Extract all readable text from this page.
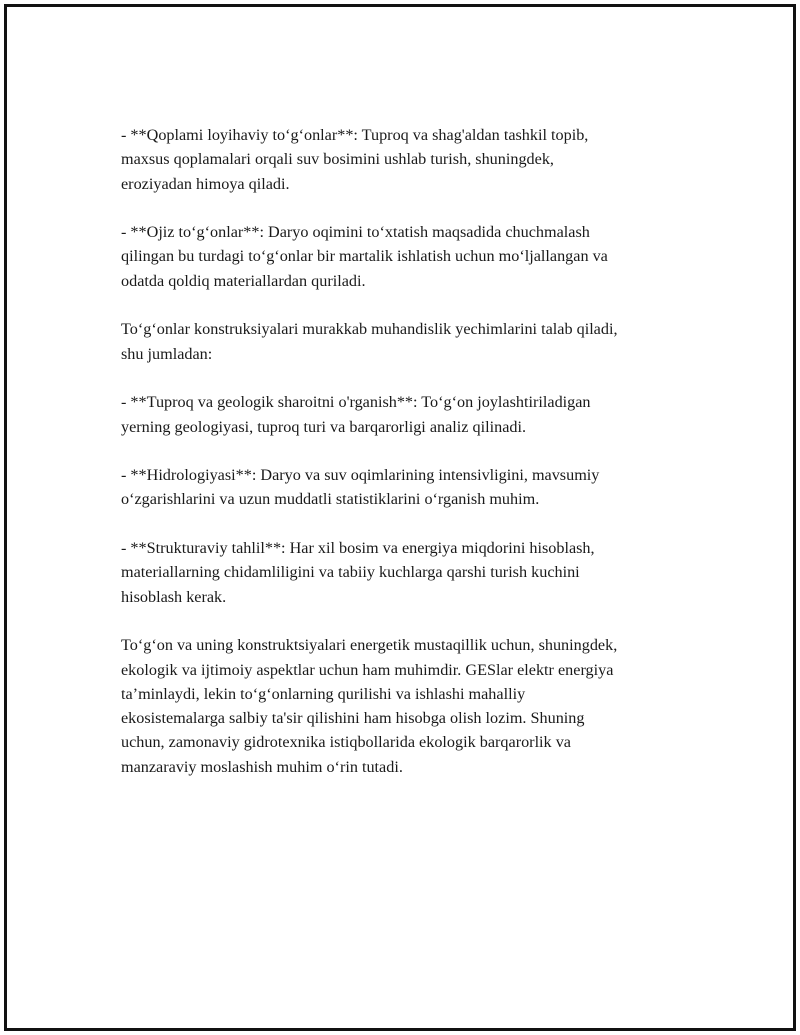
- **Qoplami loyihaviy to‘g‘onlar**: Tuproq va shag'aldan tashkil topib,
maxsus qoplamalari orqali suv bosimini ushlab turish, shuningdek,
eroziyadan himoya qiladi.

- **Ojiz to‘g‘onlar**: Daryo oqimini to‘xtatish maqsadida chuchmalash
qilingan bu turdagi to‘g‘onlar bir martalik ishlatish uchun mo‘ljallangan va
odatda qoldiq materiallardan quriladi.

To‘g‘onlar konstruksiyalari murakkab muhandislik yechimlarini talab qiladi,
shu jumladan:

- **Tuproq va geologik sharoitni o'rganish**: To‘g‘on joylashtiriladigan
yerning geologiyasi, tuproq turi va barqarorligi analiz qilinadi.

- **Hidrologiyasi**: Daryo va suv oqimlarining intensivligini, mavsumiy
o‘zgarishlarini va uzun muddatli statistiklarini o‘rganish muhim.

- **Strukturaviy tahlil**: Har xil bosim va energiya miqdorini hisoblash,
materiallarning chidamliligini va tabiiy kuchlarga qarshi turish kuchini
hisoblash kerak.

To‘g‘on va uning konstruktsiyalari energetik mustaqillik uchun, shuningdek,
ekologik va ijtimoiy aspektlar uchun ham muhimdir. GESlar elektr energiya
ta’minlaydi, lekin to‘g‘onlarning qurilishi va ishlashi mahalliy
ekosistemalarga salbiy ta'sir qilishini ham hisobga olish lozim. Shuning
uchun, zamonaviy gidrotexnika istiqbollarida ekologik barqarorlik va
manzaraviy moslashish muhim o‘rin tutadi.
